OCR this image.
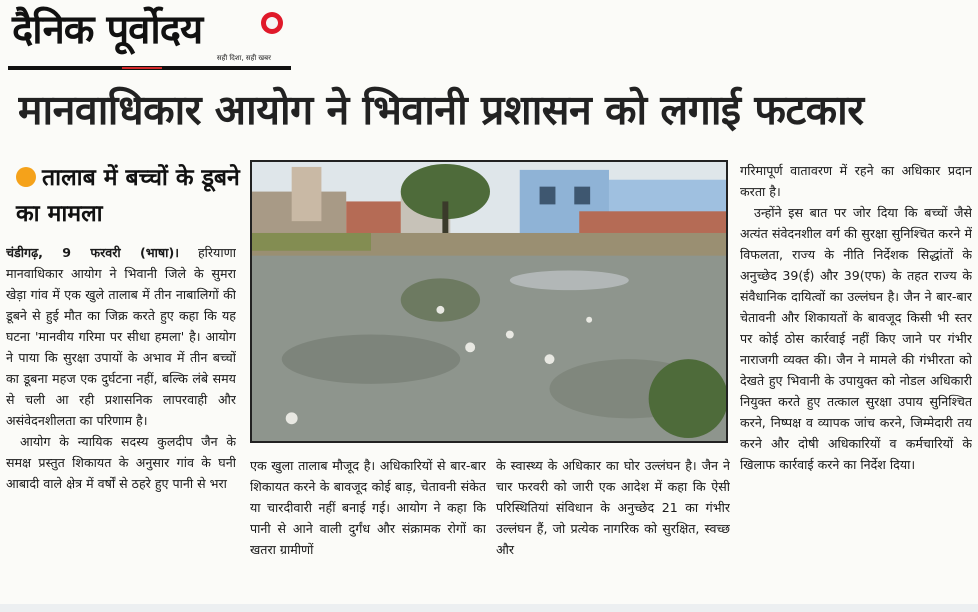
दैनिक पूर्वोदय
सही दिशा, सही खबर
मानवाधिकार आयोग ने भिवानी प्रशासन को लगाई फटकार
तालाब में बच्चों के डूबने का मामला

चंडीगढ़, 9 फरवरी (भाषा)। हरियाणा मानवाधिकार आयोग ने भिवानी जिले के सुमरा खेड़ा गांव में एक खुले तालाब में तीन नाबालिगों की डूबने से हुई मौत का जिक्र करते हुए कहा कि यह घटना 'मानवीय गरिमा पर सीधा हमला' है। आयोग ने पाया कि सुरक्षा उपायों के अभाव में तीन बच्चों का डूबना महज एक दुर्घटना नहीं, बल्कि लंबे समय से चली आ रही प्रशासनिक लापरवाही और असंवेदनशीलता का परिणाम है।

आयोग के न्यायिक सदस्य कुलदीप जैन के समक्ष प्रस्तुत शिकायत के अनुसार गांव के घनी आबादी वाले क्षेत्र में वर्षों से ठहरे हुए पानी से भरा

एक खुला तालाब मौजूद है। अधिकारियों से बार-बार शिकायत करने के बावजूद कोई बाड़, चेतावनी संकेत या चारदीवारी नहीं बनाई गई। आयोग ने कहा कि पानी से आने वाली दुर्गंध और संक्रामक रोगों का खतरा ग्रामीणों

के स्वास्थ्य के अधिकार का घोर उल्लंघन है। जैन ने चार फरवरी को जारी एक आदेश में कहा कि ऐसी परिस्थितियां संविधान के अनुच्छेद 21 का गंभीर उल्लंघन हैं, जो प्रत्येक नागरिक को सुरक्षित, स्वच्छ और

गरिमापूर्ण वातावरण में रहने का अधिकार प्रदान करता है।

उन्होंने इस बात पर जोर दिया कि बच्चों जैसे अत्यंत संवेदनशील वर्ग की सुरक्षा सुनिश्चित करने में विफलता, राज्य के नीति निर्देशक सिद्धांतों के अनुच्छेद 39(ई) और 39(एफ) के तहत राज्य के संवैधानिक दायित्वों का उल्लंघन है। जैन ने बार-बार चेतावनी और शिकायतों के बावजूद किसी भी स्तर पर कोई ठोस कार्रवाई नहीं किए जाने पर गंभीर नाराजगी व्यक्त की। जैन ने मामले की गंभीरता को देखते हुए भिवानी के उपायुक्त को नोडल अधिकारी नियुक्त करते हुए तत्काल सुरक्षा उपाय सुनिश्चित करने, निष्पक्ष व व्यापक जांच करने, जिम्मेदारी तय करने और दोषी अधिकारियों व कर्मचारियों के खिलाफ कार्रवाई करने का निर्देश दिया।
